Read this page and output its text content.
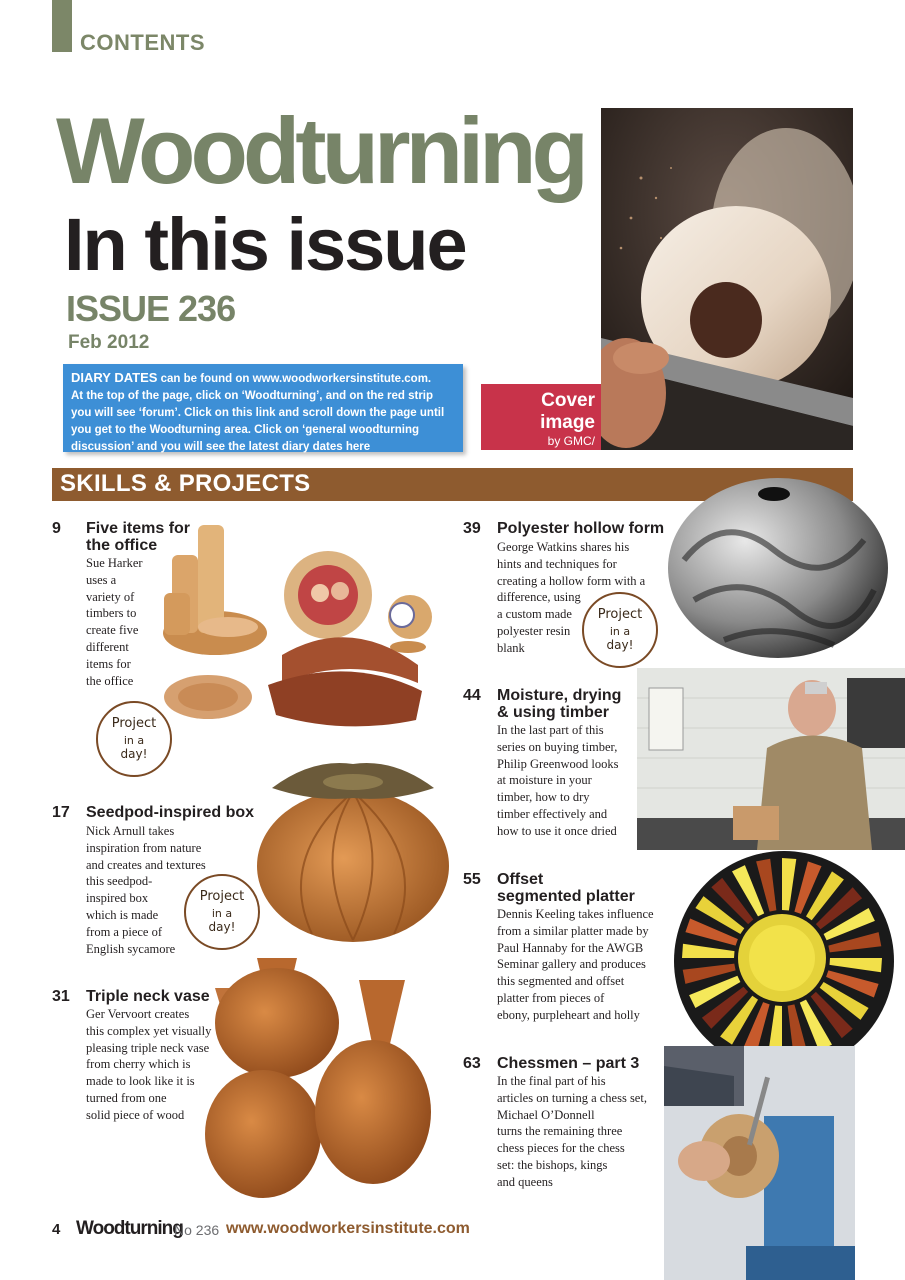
CONTENTS
Woodturning
In this issue
ISSUE 236
Feb 2012
DIARY DATES can be found on www.woodworkersinstitute.com.
At the top of the page, click on ‘Woodturning’, and on the red strip
you will see ‘forum’. Click on this link and scroll down the page until
you get to the Woodturning area. Click on ‘general woodturning
discussion’ and you will see the latest diary dates here
Cover image
by GMC/
Anthony Bailey
SKILLS & PROJECTS
9 Five items for
the office
Sue Harker
uses a
variety of
timbers to
create five
different
items for
the office
Project
in a
day!
17 Seedpod-inspired box
Nick Arnull takes
inspiration from nature
and creates and textures
this seedpod-
inspired box
which is made
from a piece of
English sycamore
Project
in a
day!
31 Triple neck vase
Ger Vervoort creates
this complex yet visually
pleasing triple neck vase
from cherry which is
made to look like it is
turned from one
solid piece of wood
39 Polyester hollow form
George Watkins shares his
hints and techniques for
creating a hollow form with a
difference, using
a custom made
polyester resin
blank
Project
in a
day!
44 Moisture, drying
& using timber
In the last part of this
series on buying timber,
Philip Greenwood looks
at moisture in your
timber, how to dry
timber effectively and
how to use it once dried
55 Offset
segmented platter
Dennis Keeling takes influence
from a similar platter made by
Paul Hannaby for the AWGB
Seminar gallery and produces
this segmented and offset
platter from pieces of
ebony, purpleheart and holly
63 Chessmen – part 3
In the final part of his
articles on turning a chess set,
Michael O’Donnell
turns the remaining three
chess pieces for the chess
set: the bishops, kings
and queens
4 Woodturning
No 236 www.woodworkersinstitute.com
